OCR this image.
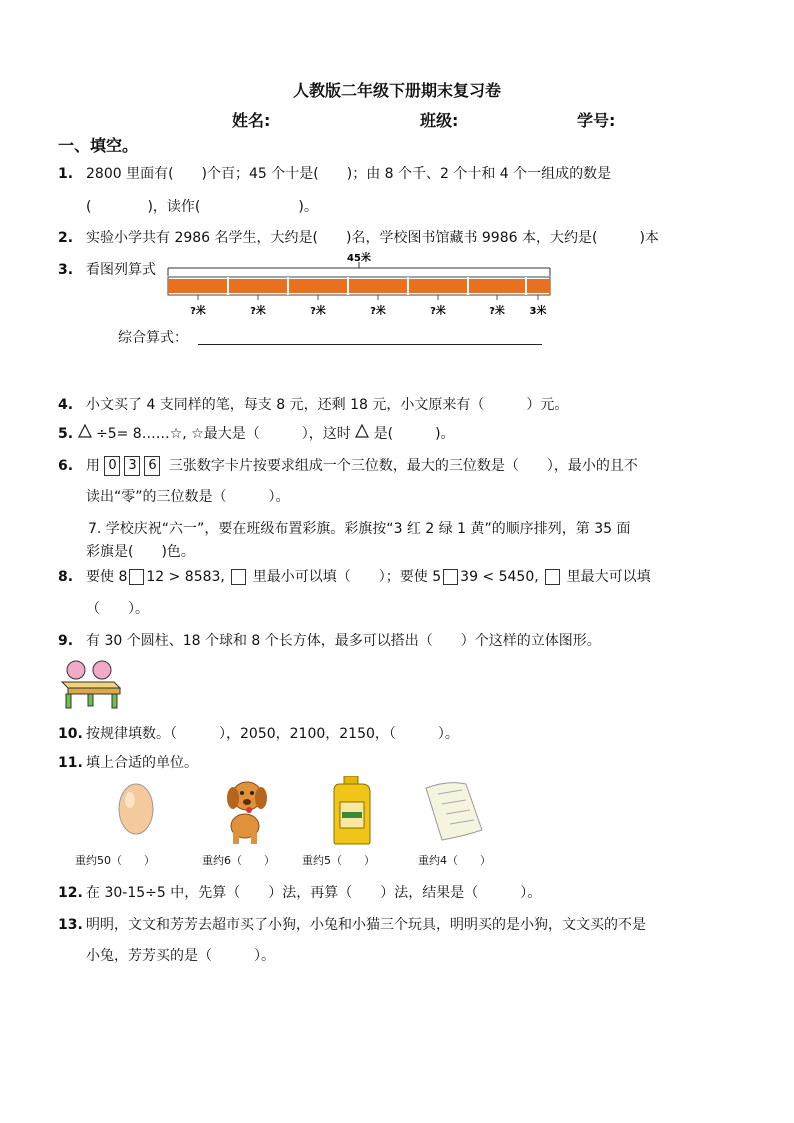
人教版二年级下册期末复习卷
姓名:	班级:	学号:
一、填空。
1. 2800 里面有(　　)个百；45 个十是(　　)；由 8 个千、2 个十和 4 个一组成的数是
(　　　　)，读作(　　　　　　　)。
2. 实验小学共有 2986 名学生，大约是(　　)名，学校图书馆藏书 9986 本，大约是(　　　)本
3. 看图列算式
45米
?米	?米	?米	?米	?米	?米 3米
综合算式：
4. 小文买了 4 支同样的笔，每支 8 元，还剩 18 元，小文原来有（　　　）元。
5. ÷5= 8……☆, ☆最大是（　　　），这时 是(　　　)。
6. 用 0 3 6 三张数字卡片按要求组成一个三位数，最大的三位数是（　　），最小的且不
读出“零”的三位数是（　　　）。
7. 学校庆祝“六一”，要在班级布置彩旗。彩旗按“3 红 2 绿 1 黄”的顺序排列，第 35 面
彩旗是(　　)色。
8. 要使 8 12 > 8583, 里最小可以填（　　）；要使 5 39 < 5450, 里最大可以填
（　　）。
9. 有 30 个圆柱、18 个球和 8 个长方体，最多可以搭出（　　）个这样的立体图形。
10. 按规律填数。（　　　），2050，2100，2150，（　　　）。
11. 填上合适的单位。
重约50（　　）	重约6（　　） 重约5（　　）	重约4（　　）
12. 在 30-15÷5 中，先算（　　）法，再算（　　）法，结果是（　　　）。
13. 明明，文文和芳芳去超市买了小狗，小兔和小猫三个玩具，明明买的是小狗，文文买的不是
小兔，芳芳买的是（　　　）。
